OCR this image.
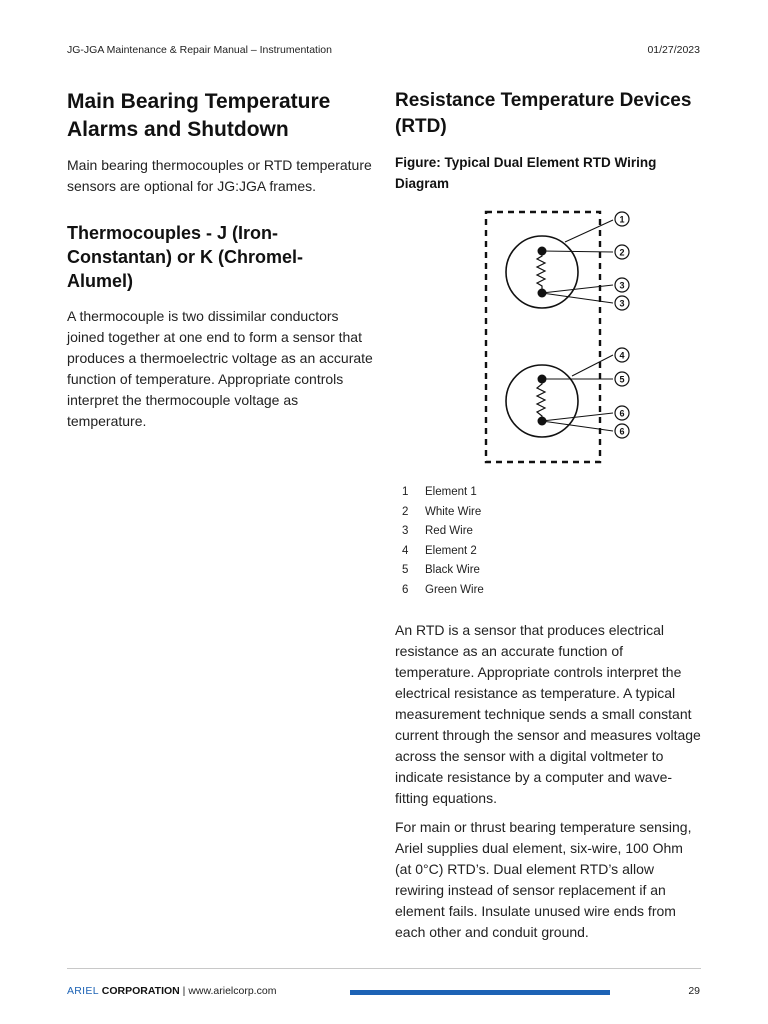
JG-JGA Maintenance & Repair Manual – Instrumentation	01/27/2023
Main Bearing Temperature Alarms and Shutdown

Main bearing thermocouples or RTD temperature sensors are optional for JG:JGA frames.

Thermocouples - J (Iron-Constantan) or K (Chromel-Alumel)

A thermocouple is two dissimilar conductors joined together at one end to form a sensor that produces a thermoelectric voltage as an accurate function of temperature. Appropriate controls interpret the thermocouple voltage as temperature.

Resistance Temperature Devices (RTD)

Figure: Typical Dual Element RTD Wiring Diagram

1
2
3
3
4
5
6
6
1	Element 1
2	White Wire
3	Red Wire
4	Element 2
5	Black Wire
6	Green Wire

An RTD is a sensor that produces electrical resistance as an accurate function of temperature. Appropriate controls interpret the electrical resistance as temperature. A typical measurement technique sends a small constant current through the sensor and measures voltage across the sensor with a digital voltmeter to indicate resistance by a computer and wave-fitting equations.

For main or thrust bearing temperature sensing, Ariel supplies dual element, six-wire, 100 Ohm (at 0°C) RTD’s. Dual element RTD’s allow rewiring instead of sensor replacement if an element fails. Insulate unused wire ends from each other and conduit ground.

ARIEL CORPORATION | www.arielcorp.com	29
